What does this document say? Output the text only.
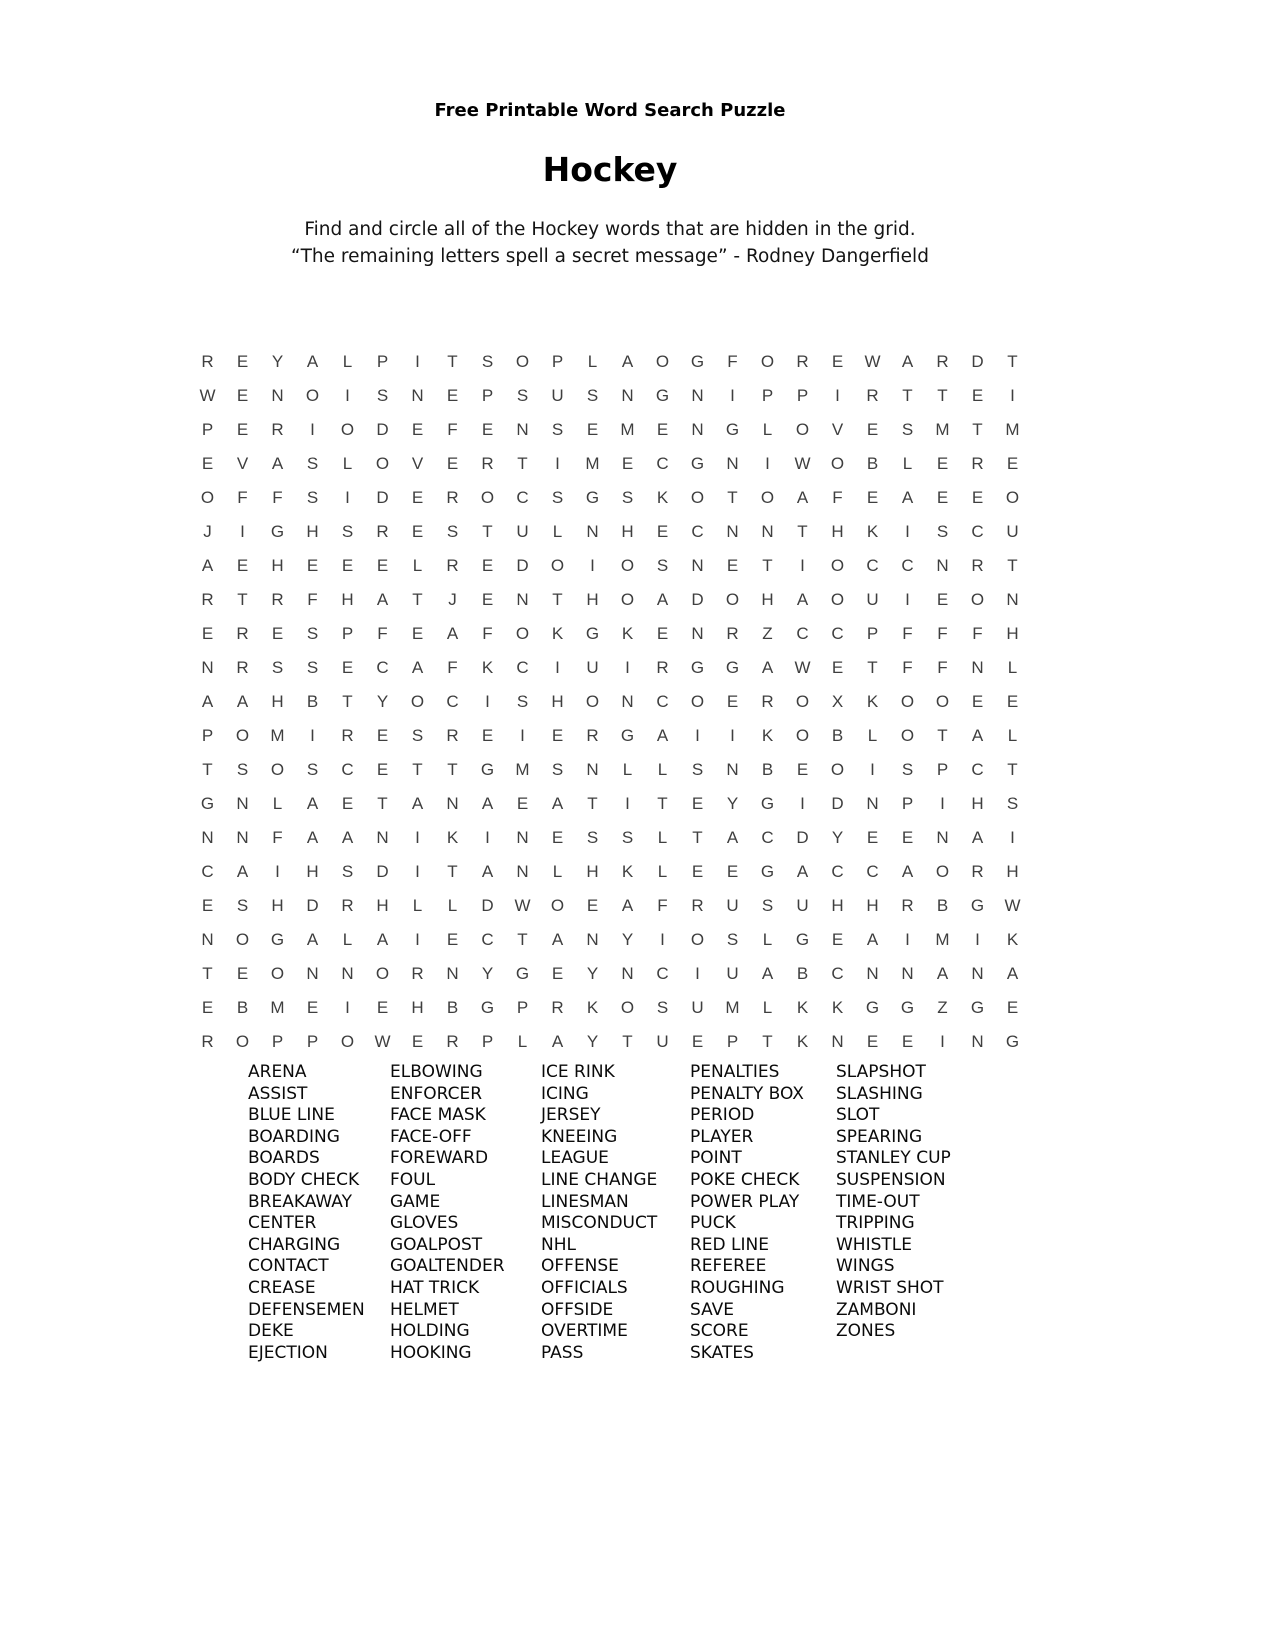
Free Printable Word Search Puzzle
Hockey
Find and circle all of the Hockey words that are hidden in the grid.
“The remaining letters spell a secret message” - Rodney Dangerfield
R	E	Y	A	L	P	I	T	S	O	P	L	A	O	G	F	O	R	E	W	A	R	D	T
W	E	N	O	I	S	N	E	P	S	U	S	N	G	N	I	P	P	I	R	T	T	E	I
P	E	R	I	O	D	E	F	E	N	S	E	M	E	N	G	L	O	V	E	S	M	T	M
E	V	A	S	L	O	V	E	R	T	I	M	E	C	G	N	I	W	O	B	L	E	R	E
O	F	F	S	I	D	E	R	O	C	S	G	S	K	O	T	O	A	F	E	A	E	E	O
J	I	G	H	S	R	E	S	T	U	L	N	H	E	C	N	N	T	H	K	I	S	C	U
A	E	H	E	E	E	L	R	E	D	O	I	O	S	N	E	T	I	O	C	C	N	R	T
R	T	R	F	H	A	T	J	E	N	T	H	O	A	D	O	H	A	O	U	I	E	O	N
E	R	E	S	P	F	E	A	F	O	K	G	K	E	N	R	Z	C	C	P	F	F	F	H
N	R	S	S	E	C	A	F	K	C	I	U	I	R	G	G	A	W	E	T	F	F	N	L
A	A	H	B	T	Y	O	C	I	S	H	O	N	C	O	E	R	O	X	K	O	O	E	E
P	O	M	I	R	E	S	R	E	I	E	R	G	A	I	I	K	O	B	L	O	T	A	L
T	S	O	S	C	E	T	T	G	M	S	N	L	L	S	N	B	E	O	I	S	P	C	T
G	N	L	A	E	T	A	N	A	E	A	T	I	T	E	Y	G	I	D	N	P	I	H	S
N	N	F	A	A	N	I	K	I	N	E	S	S	L	T	A	C	D	Y	E	E	N	A	I
C	A	I	H	S	D	I	T	A	N	L	H	K	L	E	E	G	A	C	C	A	O	R	H
E	S	H	D	R	H	L	L	D	W	O	E	A	F	R	U	S	U	H	H	R	B	G	W
N	O	G	A	L	A	I	E	C	T	A	N	Y	I	O	S	L	G	E	A	I	M	I	K
T	E	O	N	N	O	R	N	Y	G	E	Y	N	C	I	U	A	B	C	N	N	A	N	A
E	B	M	E	I	E	H	B	G	P	R	K	O	S	U	M	L	K	K	G	G	Z	G	E
R	O	P	P	O	W	E	R	P	L	A	Y	T	U	E	P	T	K	N	E	E	I	N	G
ARENA
ASSIST
BLUE LINE
BOARDING
BOARDS
BODY CHECK
BREAKAWAY
CENTER
CHARGING
CONTACT
CREASE
DEFENSEMEN
DEKE
EJECTION
ELBOWING
ENFORCER
FACE MASK
FACE-OFF
FOREWARD
FOUL
GAME
GLOVES
GOALPOST
GOALTENDER
HAT TRICK
HELMET
HOLDING
HOOKING
ICE RINK
ICING
JERSEY
KNEEING
LEAGUE
LINE CHANGE
LINESMAN
MISCONDUCT
NHL
OFFENSE
OFFICIALS
OFFSIDE
OVERTIME
PASS
PENALTIES
PENALTY BOX
PERIOD
PLAYER
POINT
POKE CHECK
POWER PLAY
PUCK
RED LINE
REFEREE
ROUGHING
SAVE
SCORE
SKATES
SLAPSHOT
SLASHING
SLOT
SPEARING
STANLEY CUP
SUSPENSION
TIME-OUT
TRIPPING
WHISTLE
WINGS
WRIST SHOT
ZAMBONI
ZONES
